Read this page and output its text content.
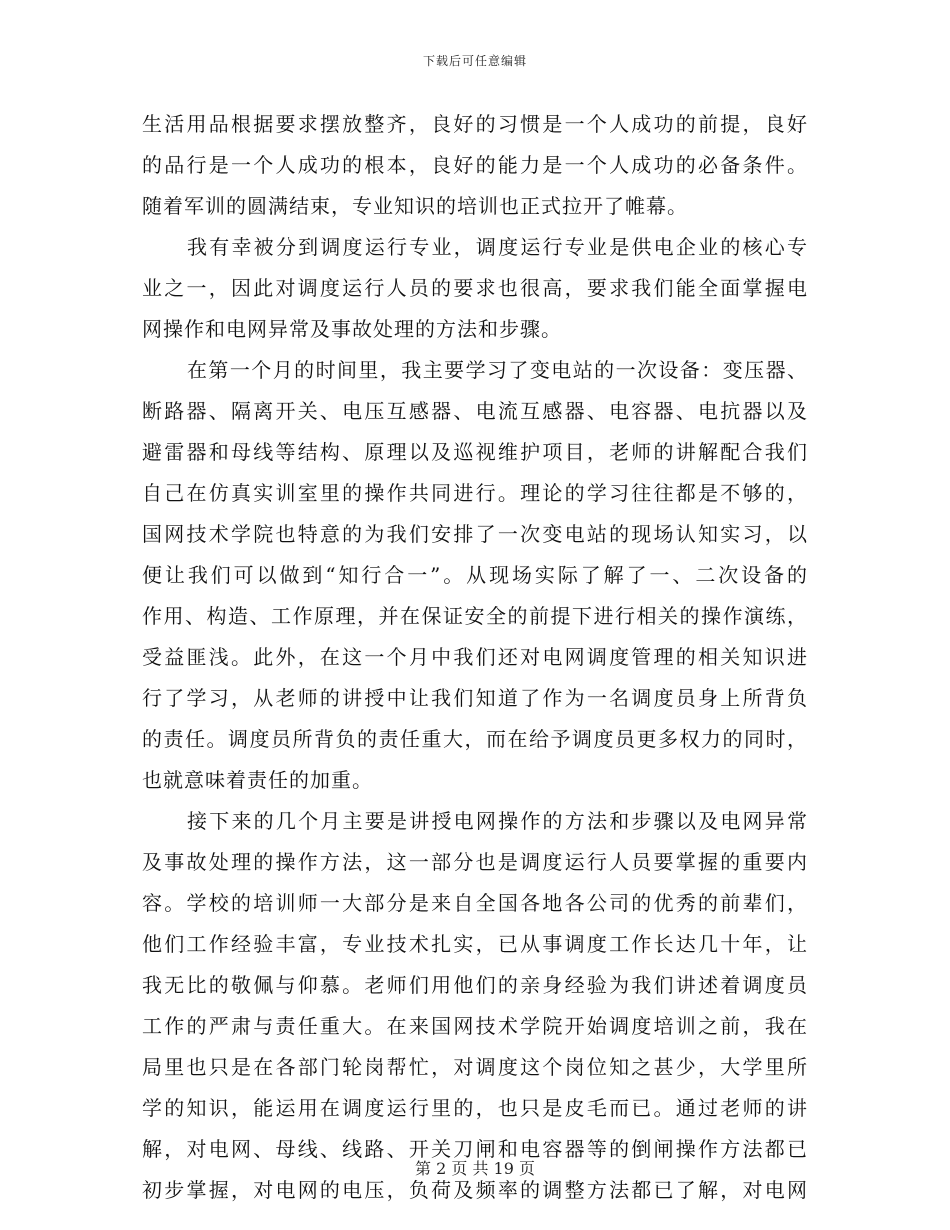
下载后可任意编辑
生活用品根据要求摆放整齐，良好的习惯是一个人成功的前提，良好
的品行是一个人成功的根本，良好的能力是一个人成功的必备条件。
随着军训的圆满结束，专业知识的培训也正式拉开了帷幕。
我有幸被分到调度运行专业，调度运行专业是供电企业的核心专
业之一，因此对调度运行人员的要求也很高，要求我们能全面掌握电
网操作和电网异常及事故处理的方法和步骤。
在第一个月的时间里，我主要学习了变电站的一次设备：变压器、
断路器、隔离开关、电压互感器、电流互感器、电容器、电抗器以及
避雷器和母线等结构、原理以及巡视维护项目，老师的讲解配合我们
自己在仿真实训室里的操作共同进行。理论的学习往往都是不够的，
国网技术学院也特意的为我们安排了一次变电站的现场认知实习，以
便让我们可以做到“知行合一”。从现场实际了解了一、二次设备的
作用、构造、工作原理，并在保证安全的前提下进行相关的操作演练，
受益匪浅。此外，在这一个月中我们还对电网调度管理的相关知识进
行了学习，从老师的讲授中让我们知道了作为一名调度员身上所背负
的责任。调度员所背负的责任重大，而在给予调度员更多权力的同时，
也就意味着责任的加重。
接下来的几个月主要是讲授电网操作的方法和步骤以及电网异常
及事故处理的操作方法，这一部分也是调度运行人员要掌握的重要内
容。学校的培训师一大部分是来自全国各地各公司的优秀的前辈们，
他们工作经验丰富，专业技术扎实，已从事调度工作长达几十年，让
我无比的敬佩与仰慕。老师们用他们的亲身经验为我们讲述着调度员
工作的严肃与责任重大。在来国网技术学院开始调度培训之前，我在
局里也只是在各部门轮岗帮忙，对调度这个岗位知之甚少，大学里所
学的知识，能运用在调度运行里的，也只是皮毛而已。通过老师的讲
解，对电网、母线、线路、开关刀闸和电容器等的倒闸操作方法都已
初步掌握，对电网的电压，负荷及频率的调整方法都已了解，对电网
第 2 页 共 19 页
